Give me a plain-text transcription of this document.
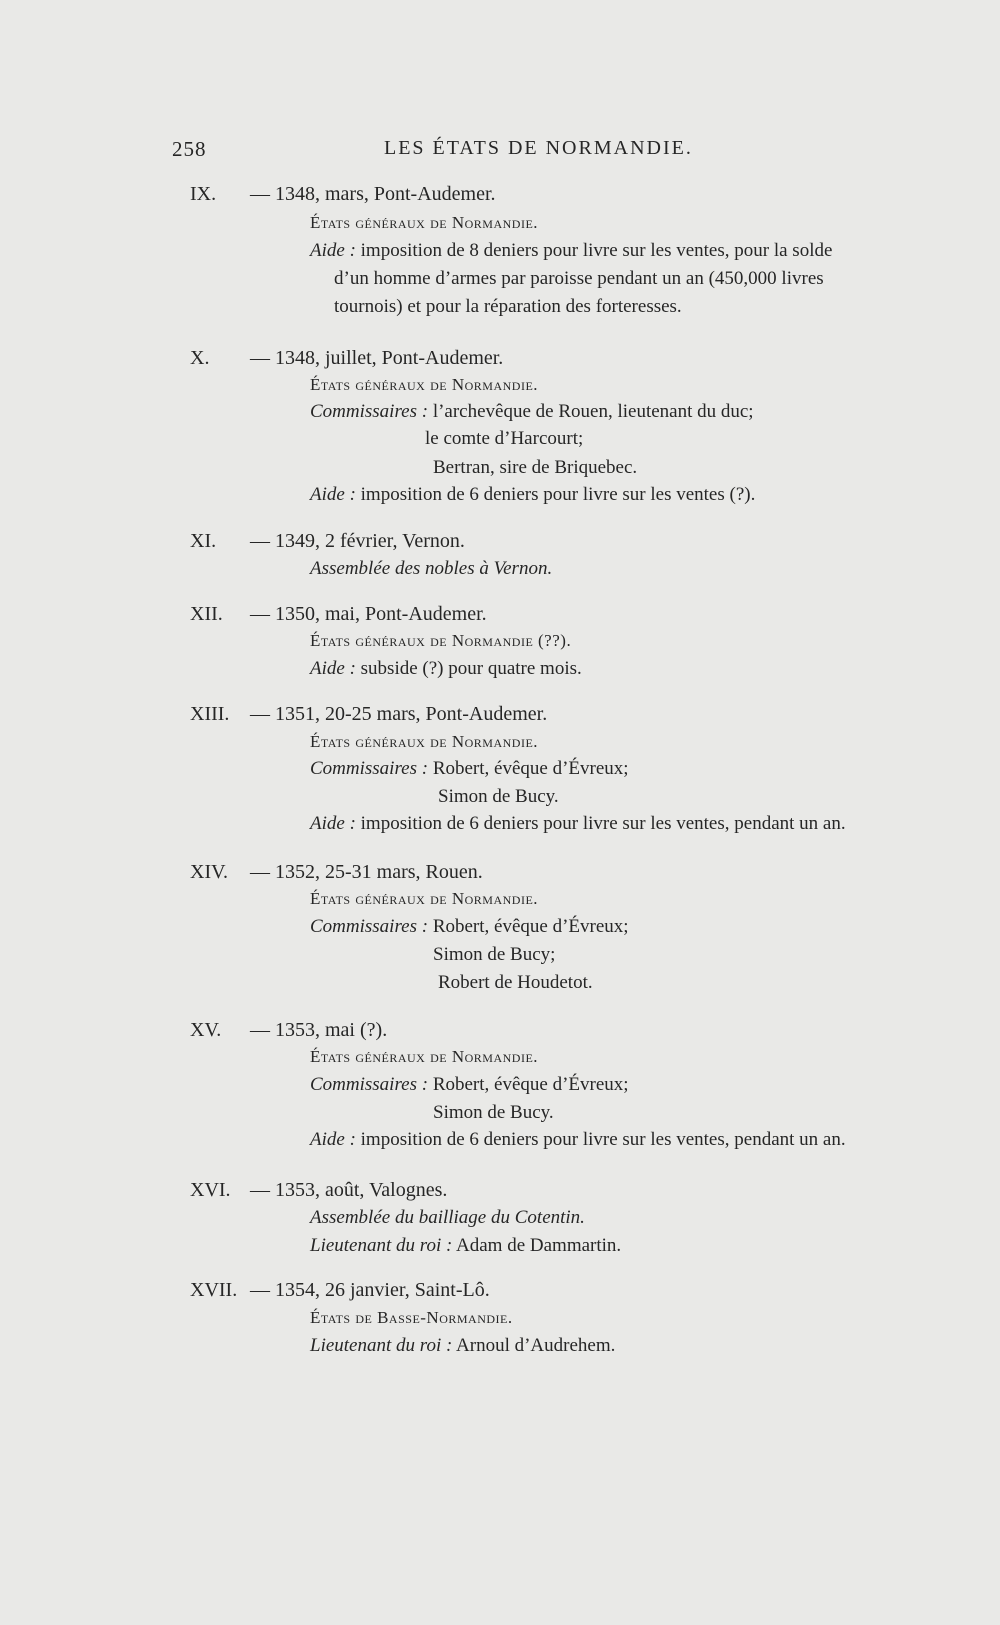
258	LES ÉTATS DE NORMANDIE.
IX. — 1348, mars, Pont-Audemer.
États généraux de Normandie.
Aide : imposition de 8 deniers pour livre sur les ventes, pour la solde
d’un homme d’armes par paroisse pendant un an (450,000 livres
tournois) et pour la réparation des forteresses.
X. — 1348, juillet, Pont-Audemer.
États généraux de Normandie.
Commissaires : l’archevêque de Rouen, lieutenant du duc;
le comte d’Harcourt;
Bertran, sire de Briquebec.
Aide : imposition de 6 deniers pour livre sur les ventes (?).
XI. — 1349, 2 février, Vernon.
Assemblée des nobles à Vernon.
XII. — 1350, mai, Pont-Audemer.
États généraux de Normandie (??).
Aide : subside (?) pour quatre mois.
XIII. — 1351, 20-25 mars, Pont-Audemer.
États généraux de Normandie.
Commissaires : Robert, évêque d’Évreux;
Simon de Bucy.
Aide : imposition de 6 deniers pour livre sur les ventes, pendant un an.
XIV. — 1352, 25-31 mars, Rouen.
États généraux de Normandie.
Commissaires : Robert, évêque d’Évreux;
Simon de Bucy;
Robert de Houdetot.
XV. — 1353, mai (?).
États généraux de Normandie.
Commissaires : Robert, évêque d’Évreux;
Simon de Bucy.
Aide : imposition de 6 deniers pour livre sur les ventes, pendant un an.
XVI. — 1353, août, Valognes.
Assemblée du bailliage du Cotentin.
Lieutenant du roi : Adam de Dammartin.
XVII. — 1354, 26 janvier, Saint-Lô.
États de Basse-Normandie.
Lieutenant du roi : Arnoul d’Audrehem.
